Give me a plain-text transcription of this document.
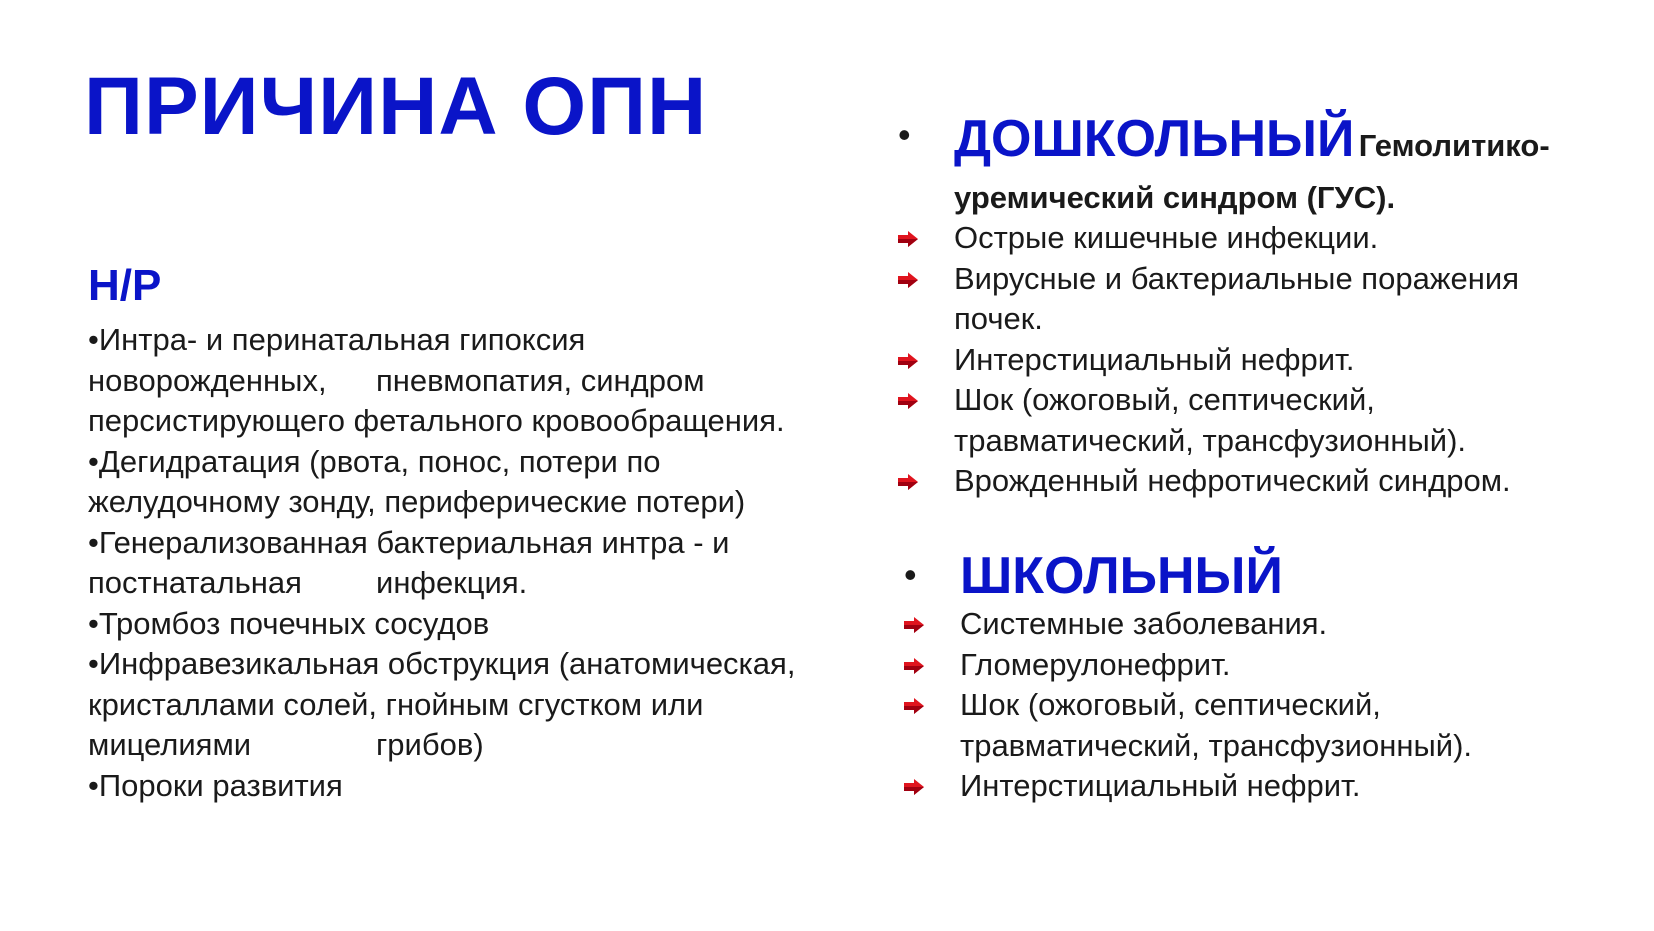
ПРИЧИНА ОПН
Н/Р
•Интра- и перинатальная гипоксия
новорожденных, пневмопатия, синдром
персистирующего фетального кровообращения.
•Дегидратация (рвота, понос, потери по
желудочному зонду, периферические потери)
•Генерализованная бактериальная интра - и
постнатальная инфекция.
•Тромбоз почечных сосудов
•Инфравезикальная обструкция (анатомическая,
кристаллами солей, гнойным сгустком или
мицелиями	грибов)
•Пороки развития
• ДОШКОЛЬНЫЙ Гемолитико-
уремический синдром (ГУС).
Острые кишечные инфекции.
Вирусные и бактериальные поражения
почек.
Интерстициальный нефрит.
Шок (ожоговый, септический,
травматический, трансфузионный).
Врожденный нефротический синдром.
• ШКОЛЬНЫЙ
Системные заболевания.
Гломерулонефрит.
Шок (ожоговый, септический,
травматический, трансфузионный).
Интерстициальный нефрит.
